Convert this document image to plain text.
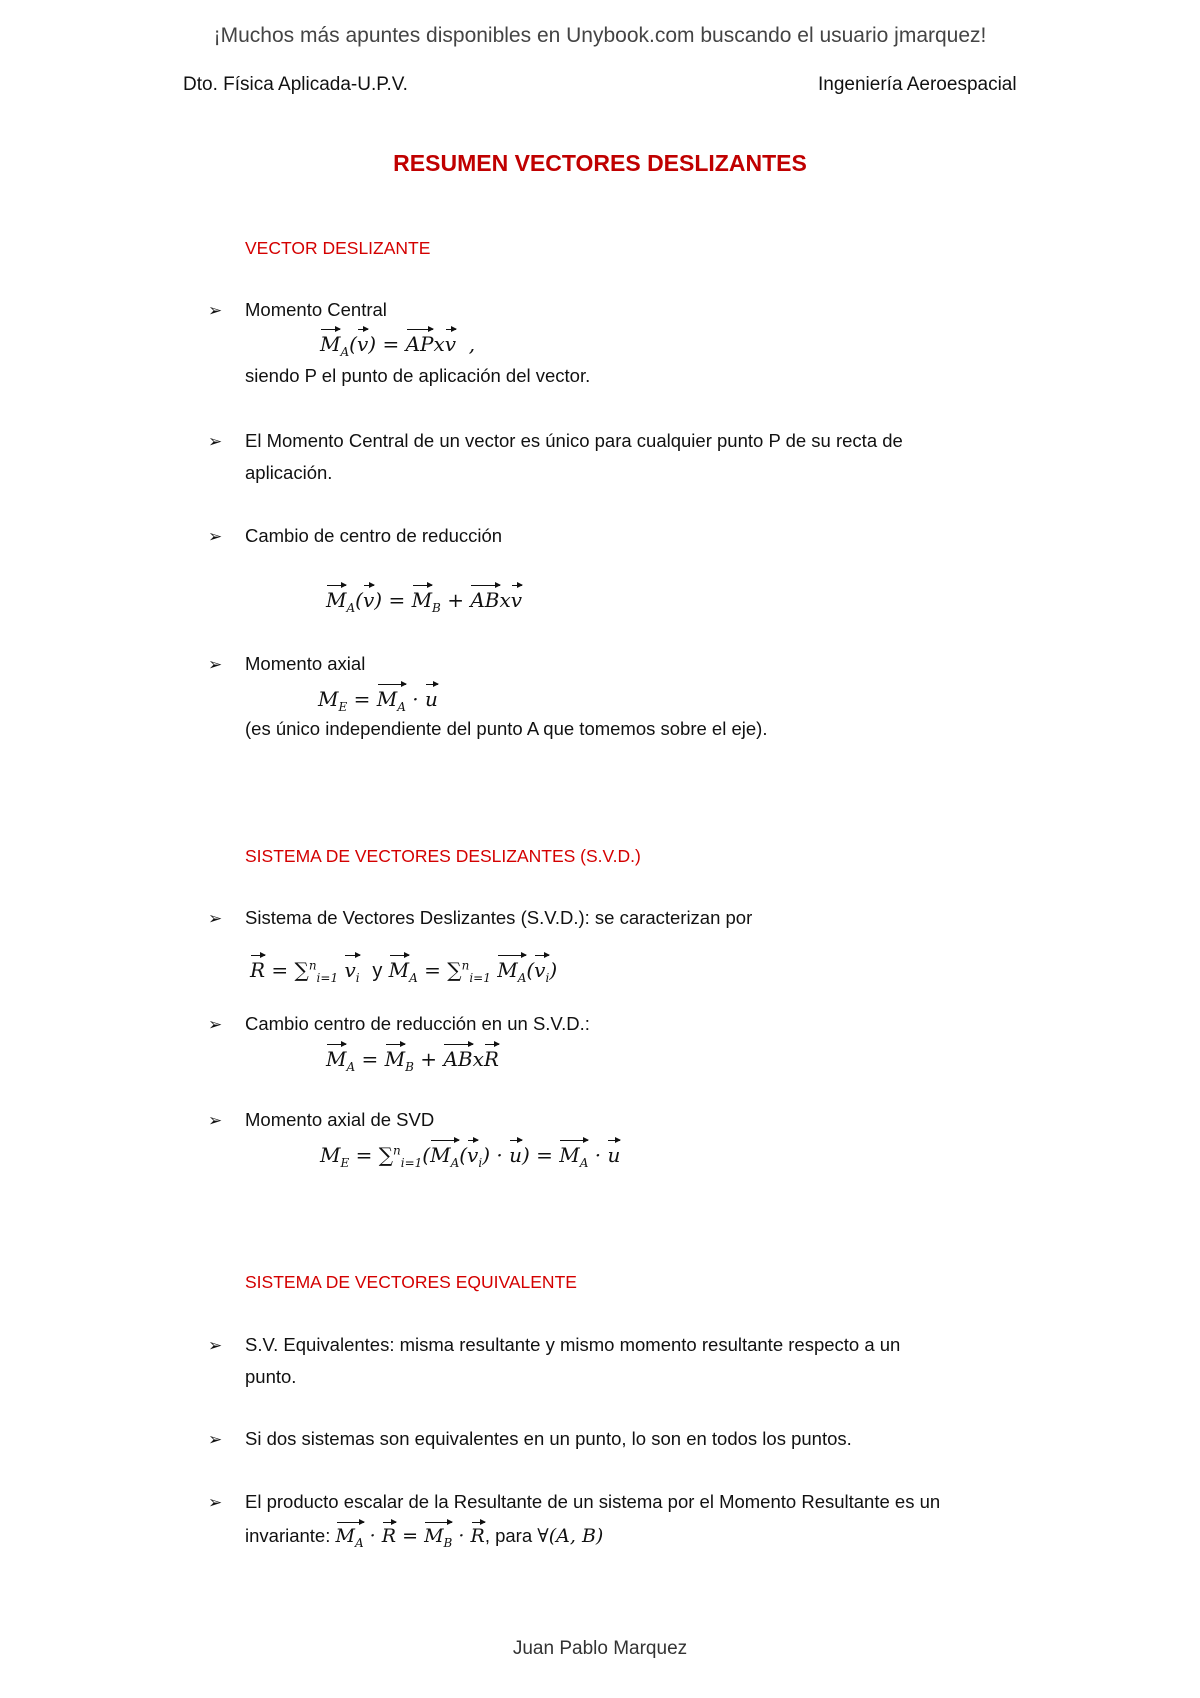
¡Muchos más apuntes disponibles en Unybook.com buscando el usuario jmarquez!
Dto. Física Aplicada-U.P.V.	Ingeniería Aeroespacial
RESUMEN VECTORES DESLIZANTES
VECTOR DESLIZANTE
➢ Momento Central
$M_A(v)$ = APxv  ,
siendo P el punto de aplicación del vector.
➢ El Momento Central de un vector es único para cualquier punto P de su recta de
aplicación.
➢ Cambio de centro de reducción
$M_A(v) = M_B$ + ABxv
➢ Momento axial
$M_E = M_A \cdot u$
(es único independiente del punto A que tomemos sobre el eje).
SISTEMA DE VECTORES DESLIZANTES (S.V.D.)
➢ Sistema de Vectores Deslizantes (S.V.D.): se caracterizan por
R = ∑$^n_{i=1}$ $v_i$ y $M_A = \sum^n_{i=1}$ $M_A(v_i)$
➢ Cambio centro de reducción en un S.V.D.:
$M_A = M_B$ + ABxR
➢ Momento axial de SVD
$M_E = \sum^n_{i=1}(M_A(v_i) \cdot u) = M_A \cdot u$
SISTEMA DE VECTORES EQUIVALENTE
➢ S.V. Equivalentes: misma resultante y mismo momento resultante respecto a un
punto.
➢ Si dos sistemas son equivalentes en un punto, lo son en todos los puntos.
➢ El producto escalar de la Resultante de un sistema por el Momento Resultante es un
invariante: $M_A \cdot R = M_B \cdot R$, para ∀(A, B)
Juan Pablo Marquez
